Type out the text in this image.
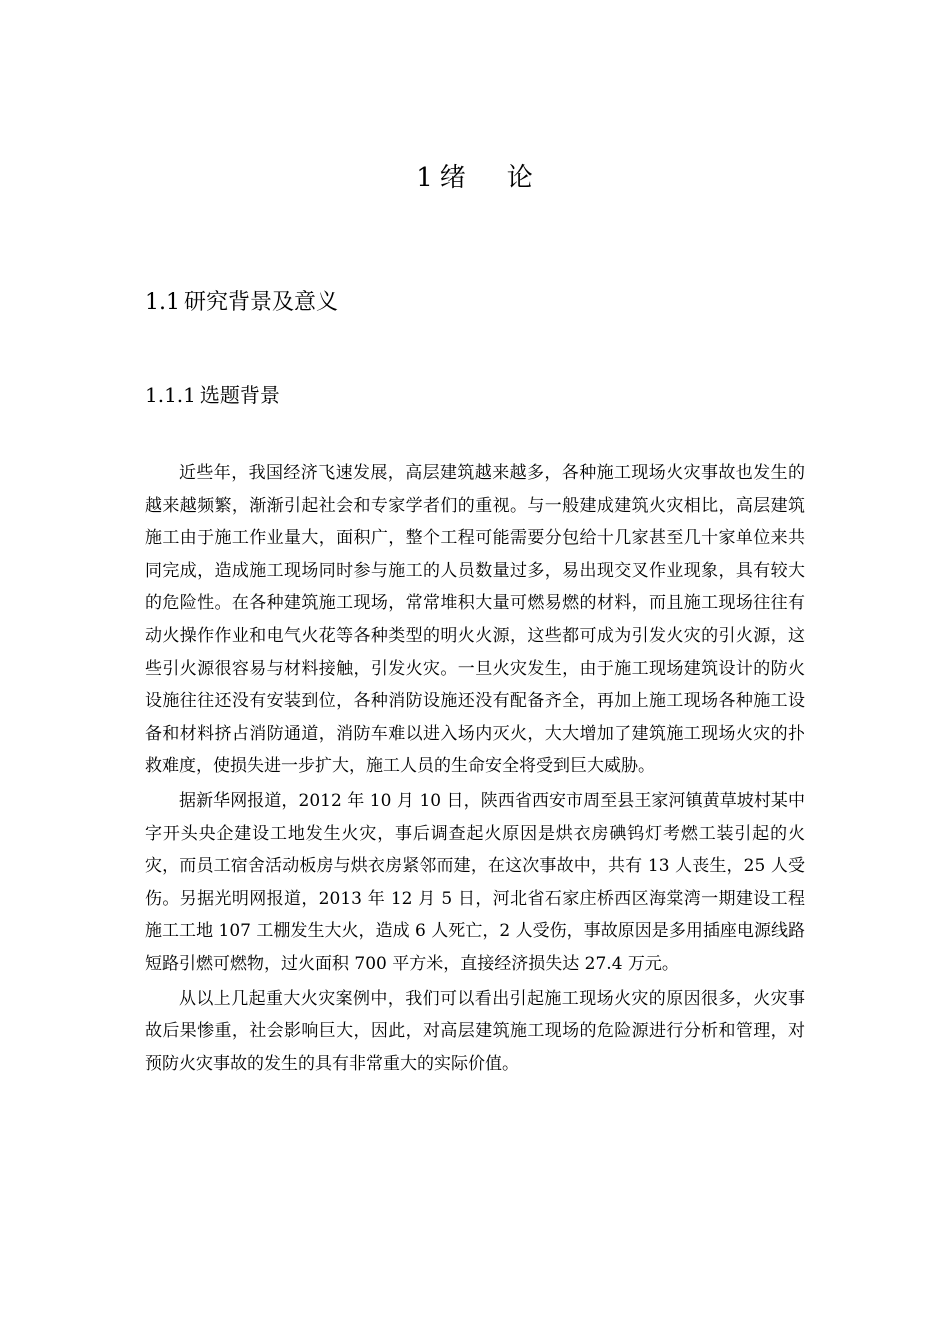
1 绪 论
1.1 研究背景及意义
1.1.1 选题背景

近些年，我国经济飞速发展，高层建筑越来越多，各种施工现场火灾事故也发生的越来越频繁，渐渐引起社会和专家学者们的重视。与一般建成建筑火灾相比，高层建筑施工由于施工作业量大，面积广，整个工程可能需要分包给十几家甚至几十家单位来共同完成，造成施工现场同时参与施工的人员数量过多，易出现交叉作业现象，具有较大的危险性。在各种建筑施工现场，常常堆积大量可燃易燃的材料，而且施工现场往往有动火操作作业和电气火花等各种类型的明火火源，这些都可成为引发火灾的引火源，这些引火源很容易与材料接触，引发火灾。一旦火灾发生，由于施工现场建筑设计的防火设施往往还没有安装到位，各种消防设施还没有配备齐全，再加上施工现场各种施工设备和材料挤占消防通道，消防车难以进入场内灭火，大大增加了建筑施工现场火灾的扑救难度，使损失进一步扩大，施工人员的生命安全将受到巨大威胁。

据新华网报道，2012 年 10 月 10 日，陕西省西安市周至县王家河镇黄草坡村某中字开头央企建设工地发生火灾，事后调查起火原因是烘衣房碘钨灯考燃工装引起的火灾，而员工宿舍活动板房与烘衣房紧邻而建，在这次事故中，共有 13 人丧生，25 人受伤。另据光明网报道，2013 年 12 月 5 日，河北省石家庄桥西区海棠湾一期建设工程施工工地 107 工棚发生大火，造成 6 人死亡，2 人受伤，事故原因是多用插座电源线路短路引燃可燃物，过火面积 700 平方米，直接经济损失达 27.4 万元。

从以上几起重大火灾案例中，我们可以看出引起施工现场火灾的原因很多，火灾事故后果惨重，社会影响巨大，因此，对高层建筑施工现场的危险源进行分析和管理，对预防火灾事故的发生的具有非常重大的实际价值。
